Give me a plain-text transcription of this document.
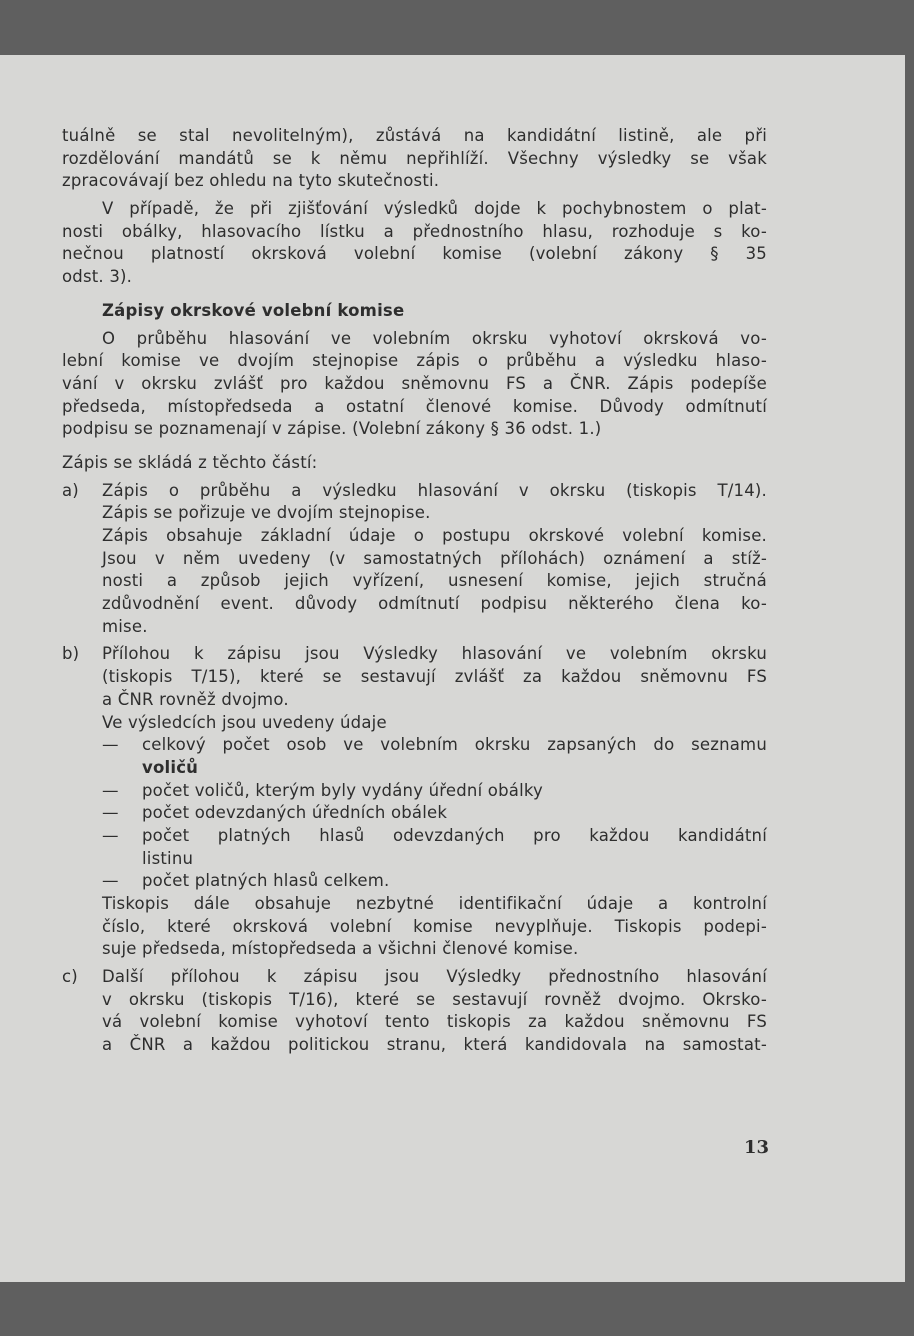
tuálně se stal nevolitelným), zůstává na kandidátní listině, ale při
rozdělování mandátů se k němu nepřihlíží. Všechny výsledky se však
zpracovávají bez ohledu na tyto skutečnosti.
V případě, že při zjišťování výsledků dojde k pochybnostem o plat-
nosti obálky, hlasovacího lístku a přednostního hlasu, rozhoduje s ko-
nečnou platností okrsková volební komise (volební zákony § 35
odst. 3).
Zápisy okrskové volební komise
O průběhu hlasování ve volebním okrsku vyhotoví okrsková vo-
lební komise ve dvojím stejnopise zápis o průběhu a výsledku hlaso-
vání v okrsku zvlášť pro každou sněmovnu FS a ČNR. Zápis podepíše
předseda, místopředseda a ostatní členové komise. Důvody odmítnutí
podpisu se poznamenají v zápise. (Volební zákony § 36 odst. 1.)
Zápis se skládá z těchto částí:
a)	Zápis o průběhu a výsledku hlasování v okrsku (tiskopis T/14).
Zápis se pořizuje ve dvojím stejnopise.
Zápis obsahuje základní údaje o postupu okrskové volební komise.
Jsou v něm uvedeny (v samostatných přílohách) oznámení a stíž-
nosti a způsob jejich vyřízení, usnesení komise, jejich stručná
zdůvodnění event. důvody odmítnutí podpisu některého člena ko-
mise.
b)	Přílohou k zápisu jsou Výsledky hlasování ve volebním okrsku
(tiskopis T/15), které se sestavují zvlášť za každou sněmovnu FS
a ČNR rovněž dvojmo.
Ve výsledcích jsou uvedeny údaje
—	celkový počet osob ve volebním okrsku zapsaných do seznamu
voličů
—	počet voličů, kterým byly vydány úřední obálky
—	počet odevzdaných úředních obálek
—	počet platných hlasů odevzdaných pro každou kandidátní
listinu
—	počet platných hlasů celkem.
Tiskopis dále obsahuje nezbytné identifikační údaje a kontrolní
číslo, které okrsková volební komise nevyplňuje. Tiskopis podepi-
suje předseda, místopředseda a všichni členové komise.
c)	Další přílohou k zápisu jsou Výsledky přednostního hlasování
v okrsku (tiskopis T/16), které se sestavují rovněž dvojmo. Okrsko-
vá volební komise vyhotoví tento tiskopis za každou sněmovnu FS
a ČNR a každou politickou stranu, která kandidovala na samostat-
13
